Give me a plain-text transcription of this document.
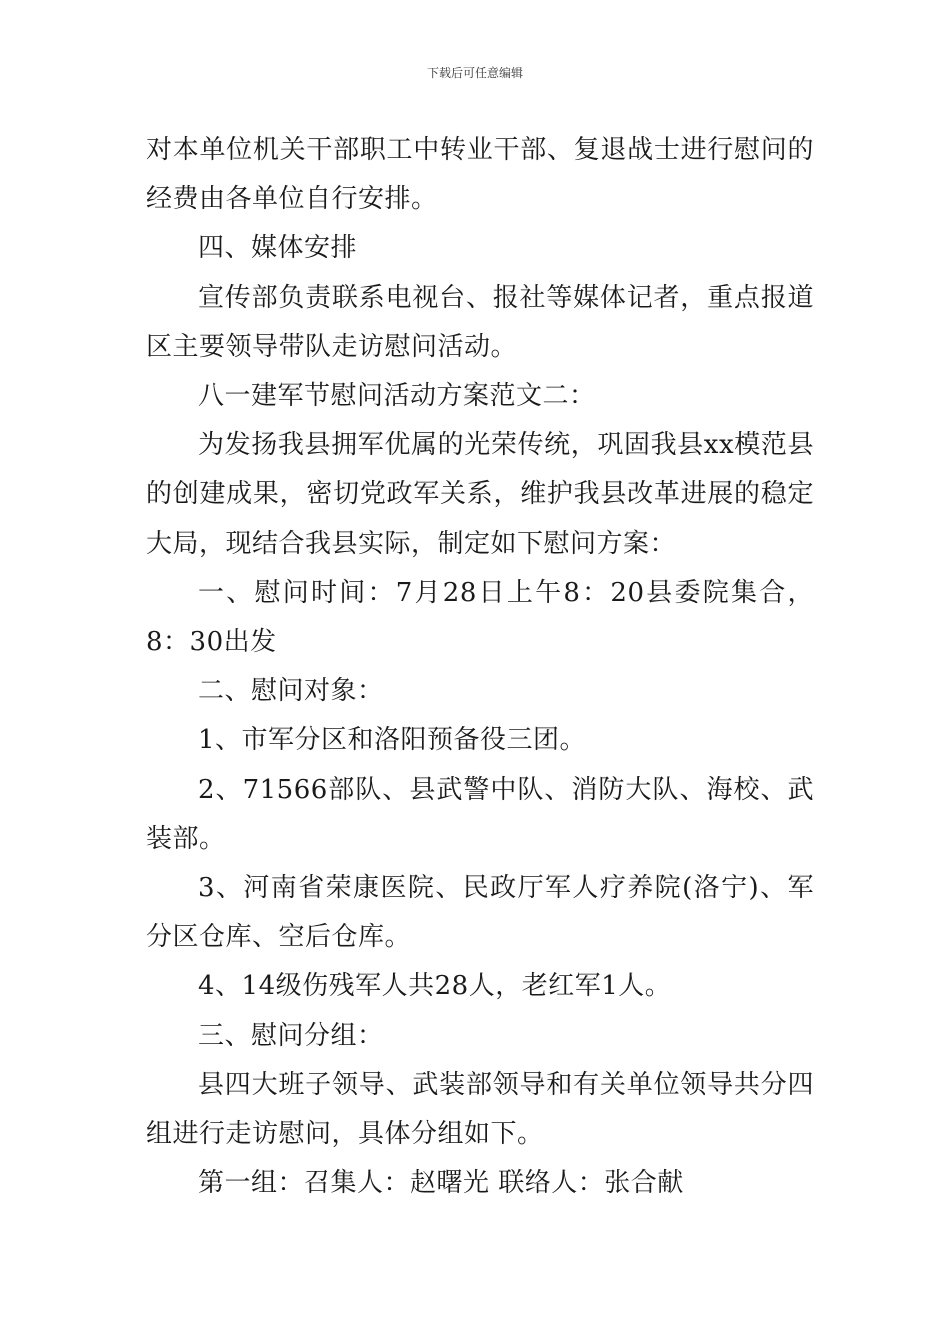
下载后可任意编辑

对本单位机关干部职工中转业干部、复退战士进行慰问的经费由各单位自行安排。

四、媒体安排

宣传部负责联系电视台、报社等媒体记者，重点报道区主要领导带队走访慰问活动。

八一建军节慰问活动方案范文二：

为发扬我县拥军优属的光荣传统，巩固我县xx模范县的创建成果，密切党政军关系，维护我县改革进展的稳定大局，现结合我县实际，制定如下慰问方案：

一、慰问时间：7月28日上午8：20县委院集合，8：30出发

二、慰问对象：

1、市军分区和洛阳预备役三团。

2、71566部队、县武警中队、消防大队、海校、武装部。

3、河南省荣康医院、民政厅军人疗养院(洛宁)、军分区仓库、空后仓库。

4、14级伤残军人共28人，老红军1人。

三、慰问分组：

县四大班子领导、武装部领导和有关单位领导共分四组进行走访慰问，具体分组如下。

第一组：召集人：赵曙光 联络人：张合献
